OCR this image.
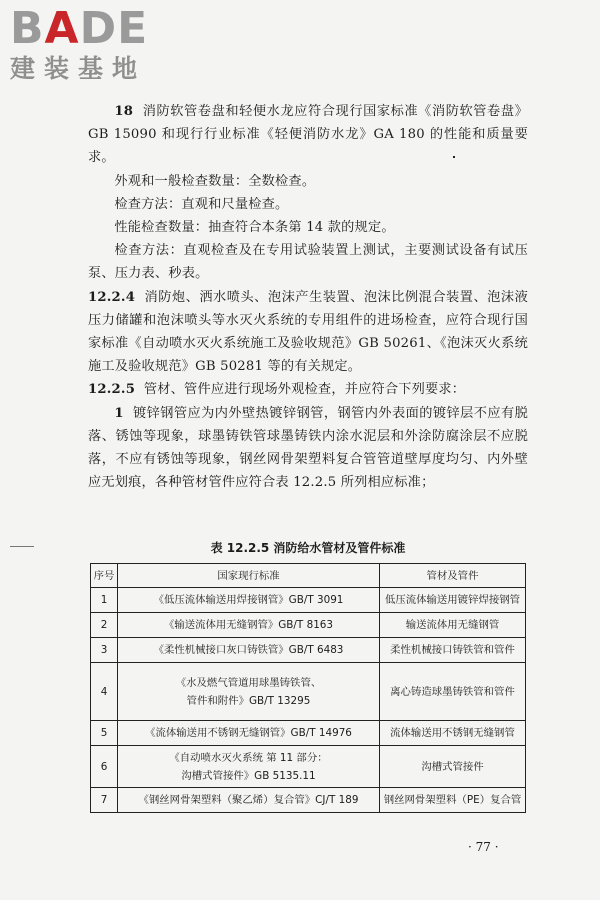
BADE
建装基地

18 消防软管卷盘和轻便水龙应符合现行国家标准《消防软管卷盘》GB 15090 和现行行业标准《轻便消防水龙》GA 180 的性能和质量要求。

外观和一般检查数量：全数检查。

检查方法：直观和尺量检查。

性能检查数量：抽查符合本条第 14 款的规定。

检查方法：直观检查及在专用试验装置上测试，主要测试设备有试压泵、压力表、秒表。

12.2.4 消防炮、洒水喷头、泡沫产生装置、泡沫比例混合装置、泡沫液压力储罐和泡沫喷头等水灭火系统的专用组件的进场检查，应符合现行国家标准《自动喷水灭火系统施工及验收规范》GB 50261、《泡沫灭火系统施工及验收规范》GB 50281 等的有关规定。

12.2.5 管材、管件应进行现场外观检查，并应符合下列要求：

1 镀锌钢管应为内外壁热镀锌钢管，钢管内外表面的镀锌层不应有脱落、锈蚀等现象，球墨铸铁管球墨铸铁内涂水泥层和外涂防腐涂层不应脱落，不应有锈蚀等现象，钢丝网骨架塑料复合管管道壁厚度均匀、内外壁应无划痕，各种管材管件应符合表 12.2.5 所列相应标准；

表 12.2.5 消防给水管材及管件标准
序号	国家现行标准	管材及管件
1	《低压流体输送用焊接钢管》GB/T 3091	低压流体输送用镀锌焊接钢管
2	《输送流体用无缝钢管》GB/T 8163	输送流体用无缝钢管
3	《柔性机械接口灰口铸铁管》GB/T 6483	柔性机械接口铸铁管和管件
4	《水及燃气管道用球墨铸铁管、
管件和附件》GB/T 13295	离心铸造球墨铸铁管和管件
5	《流体输送用不锈钢无缝钢管》GB/T 14976	流体输送用不锈钢无缝钢管
6	《自动喷水灭火系统 第 11 部分：
沟槽式管接件》GB 5135.11	沟槽式管接件
7	《钢丝网骨架塑料（聚乙烯）复合管》CJ/T 189	钢丝网骨架塑料（PE）复合管
· 77 ·
